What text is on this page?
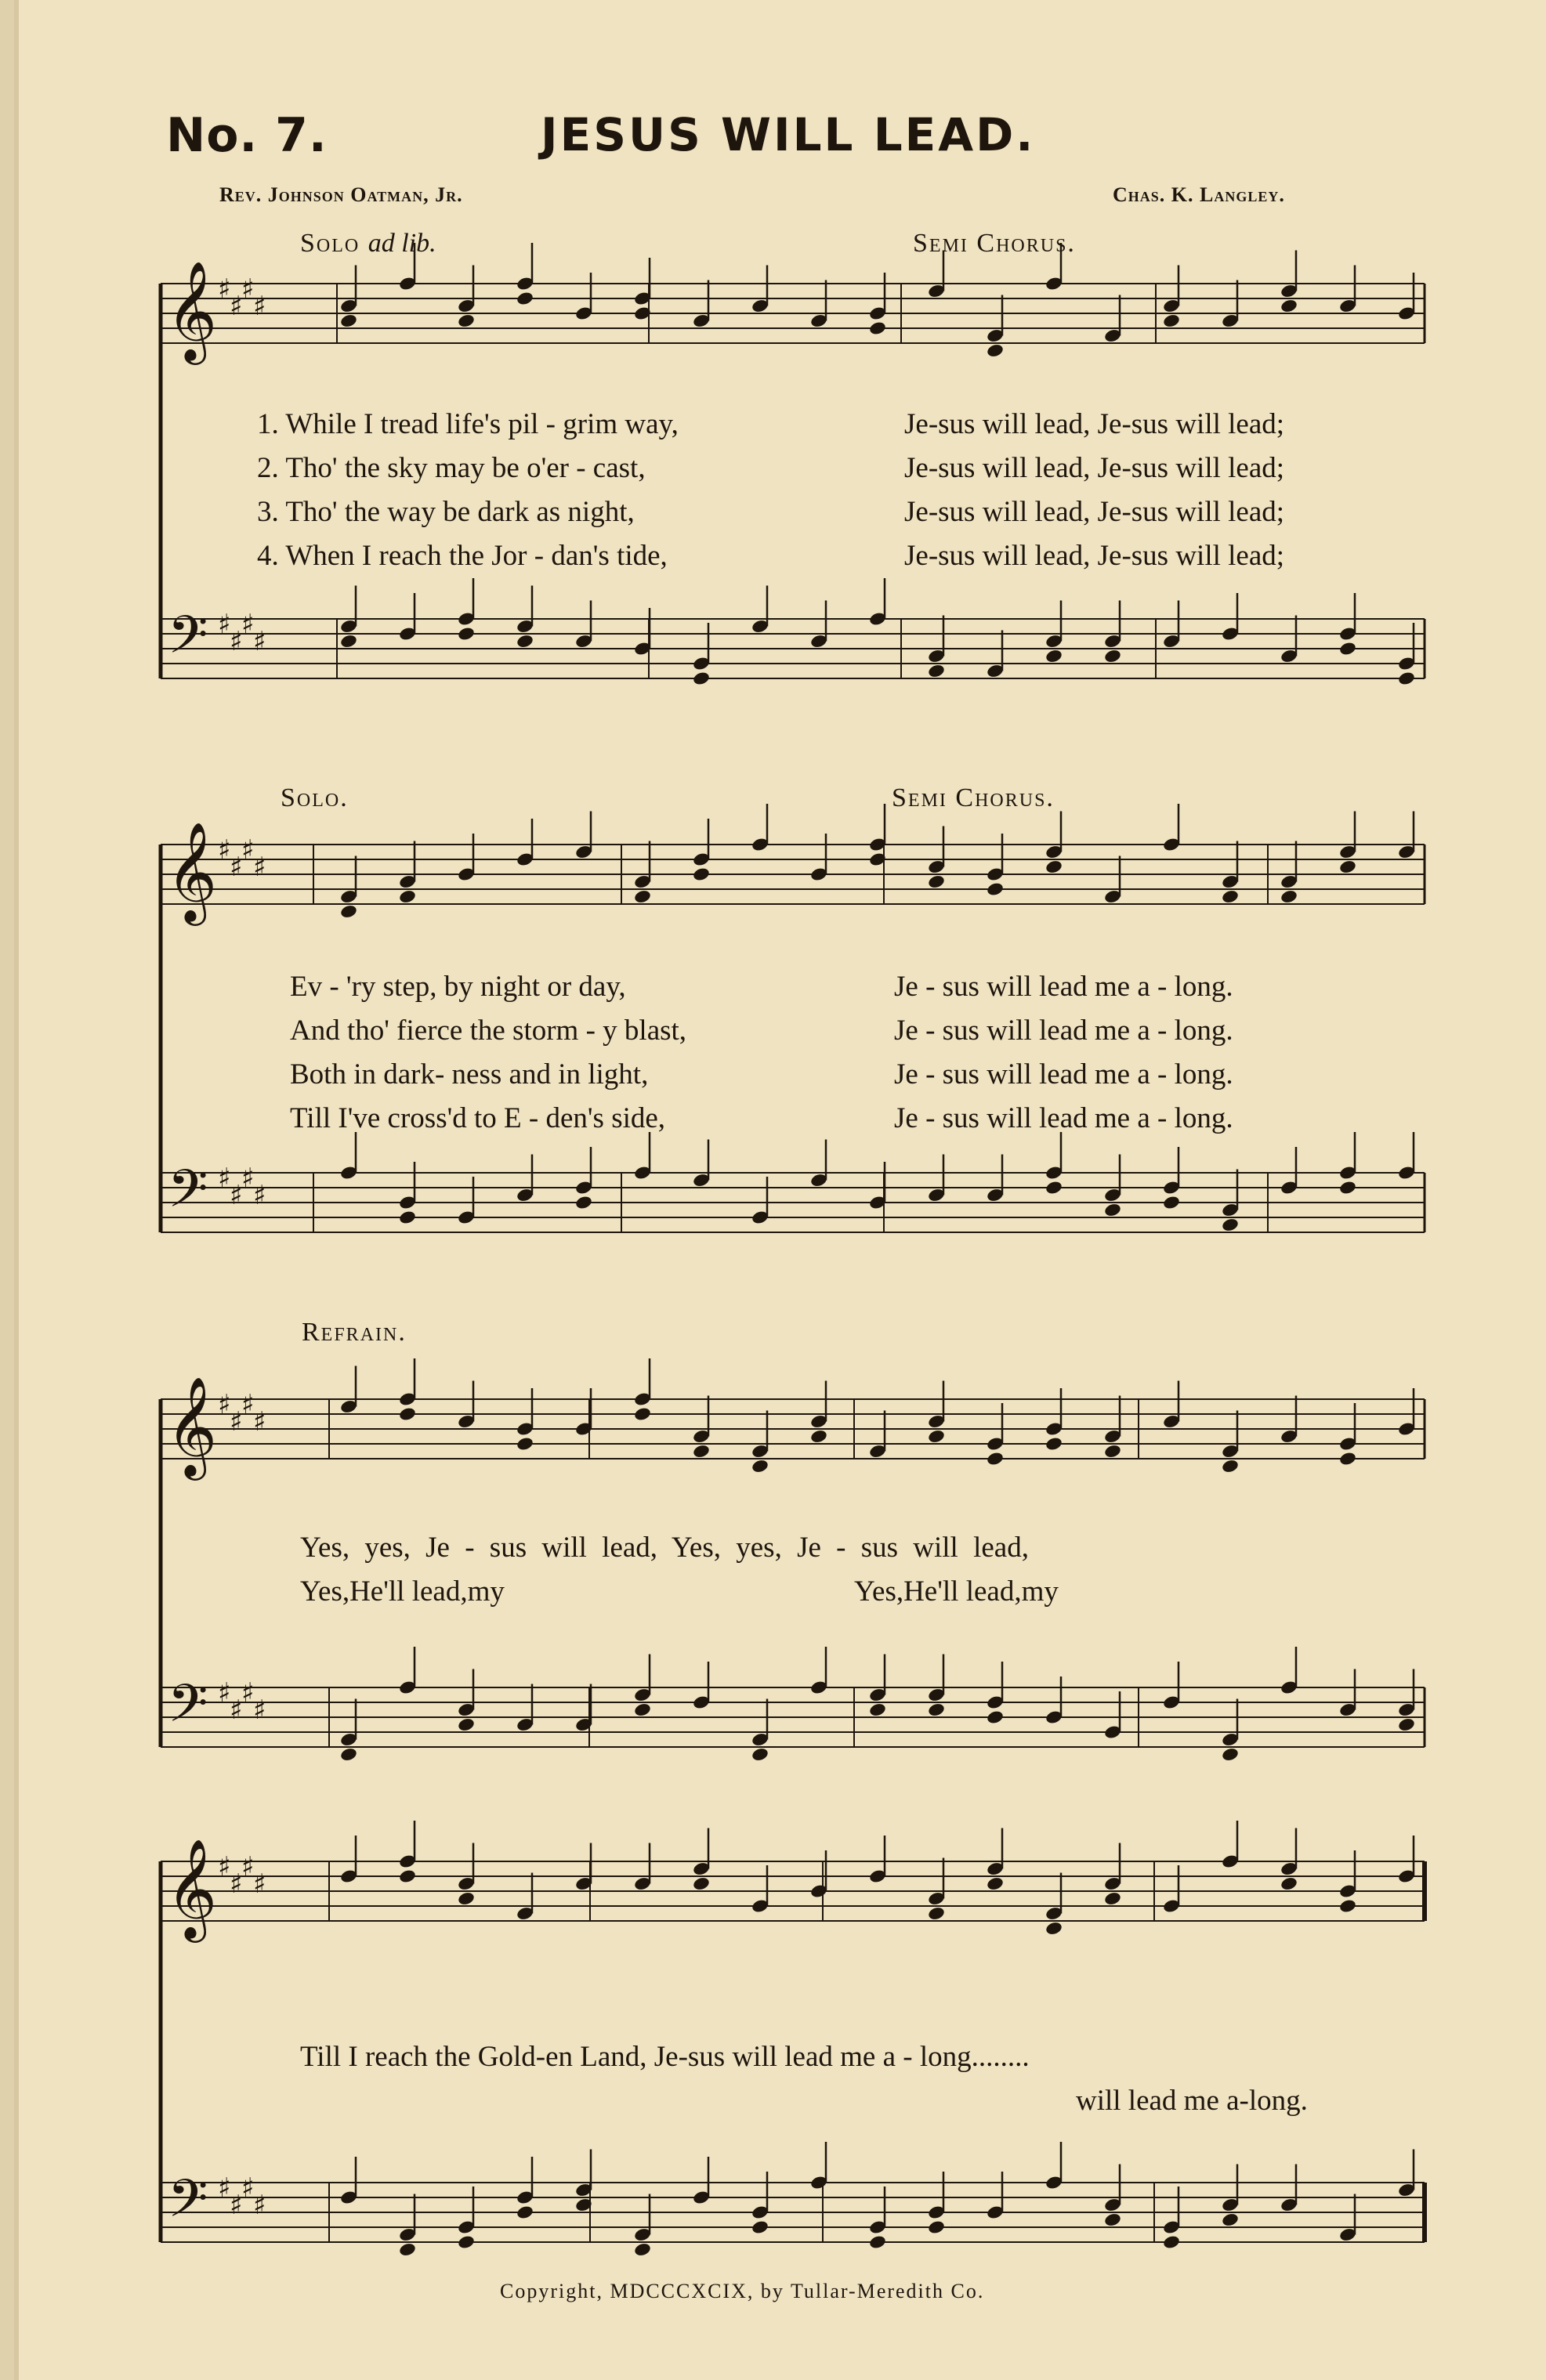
No. 7.	JESUS WILL LEAD.
Rev. Johnson Oatman, Jr.	Chas. K. Langley.
Solo ad lib.	Semi Chorus.
Solo.	Semi Chorus.
Refrain.
𝄞
𝄢
♯
♯
♯
♯
♯
♯
♯
♯
𝄞
𝄢
♯
♯
♯
♯
♯
♯
♯
♯
𝄞
𝄢
♯
♯
♯
♯
♯
♯
♯
♯
𝄞
𝄢
♯
♯
♯
♯
♯
♯
♯
♯
1. While I tread life's pil - grim way,
2. Tho' the sky may be o'er - cast,
3. Tho' the way be dark as night,
4. When I reach the Jor - dan's tide,
Je-sus will lead, Je-sus will lead;
Je-sus will lead, Je-sus will lead;
Je-sus will lead, Je-sus will lead;
Je-sus will lead, Je-sus will lead;
Ev - 'ry step, by night or day,
And tho' fierce the storm - y blast,
Both in dark- ness and in light,
Till I've cross'd to E - den's side,
Je - sus will lead me a - long.
Je - sus will lead me a - long.
Je - sus will lead me a - long.
Je - sus will lead me a - long.
Yes, yes, Je - sus will lead, Yes, yes, Je - sus will lead,
Yes,He'll lead,my	Yes,He'll lead,my
Till I reach the Gold-en Land, Je-sus will lead me a - long........
will lead me a-long.
Copyright, MDCCCXCIX, by Tullar-Meredith Co.
